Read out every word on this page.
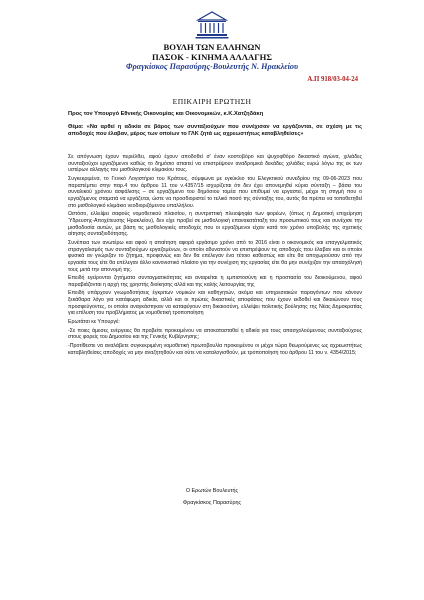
ΒΟΥΛΗ ΤΩΝ ΕΛΛΗΝΩΝ
ΠΑΣΟΚ - ΚΙΝΗΜΑ ΑΛΛΑΓΗΣ
Φραγκίσκος Παρασύρης-Βουλευτής Ν. Ηρακλείου
Α.Π 918/03-04-24
ΕΠΙΚΑΙΡΗ ΕΡΩΤΗΣΗ
Προς τον Υπουργό Εθνικής Οικονομίας και Οικονομικών, κ.Κ.Χατζηδάκη
Θέμα: «Να αρθεί η αδικία σε βάρος των συνταξιούχων που συνέχισαν να εργάζονται, σε σχέση με τις αποδοχές που έλαβαν, μέρος των οποίων το ΓΛΚ ζητά ως αχρεωστήτως καταβληθείσες»

Σε απόγνωση έχουν περιέλθει, αφού έχουν αποδοθεί σ' έναν κοστοβόρο και ψυχοφθόρο δικαστικό αγώνα, χιλιάδες συνταξιούχοι εργαζόμενοι καθώς το δημόσιο απαιτεί να επιστρέψουν αναδρομικά δεκάδες χιλιάδες ευρώ λόγω της εκ των υστέρων αλλαγής του μισθολογικού κλιμακίου τους.

Συγκεκριμένα, το Γενικό Λογιστήριο του Κράτους, σύμφωνα με εγκύκλιο του Ελεγκτικού συνεδρίου της 09-06-2023 που παραπέμπει στην παρ.4 του άρθρου 11 του ν.4357/15 ισχυρίζεται ότι δεν έχει απονεμηθεί κύρια σύνταξη – βάσει του συναλικού χρόνου ασφάλισης – σε εργαζόμενο του δημόσιου τομέα που επιθυμεί να εργαστεί, μέχρι τη στιγμή που ο εργαζόμενος σταματά να εργάζεται, ώστε να προσδιοριστεί το τελικό ποσό της σύνταξης του, αυτός θα πρέπει να τοποθετηθεί στο μισθολογικό κλιμάκιο νεοδιοριζόμενου υπαλλήλου.

Ωστόσο, ελλείψει σαφούς νομοθετικού πλαισίου, η συντριπτική πλειοψηφία των φορέων, (όπως η Δημοτική επιχείρηση Ύδρευσης-Αποχέτευσης Ηρακλείου), δεν είχε προβεί σε μισθολογική επανακατάταξη του προσωπικού τους και συνέχισε την μισθοδοσία αυτών, με βάση τις μισθολογικές αποδοχές που οι εργαζόμενοι είχαν κατά τον χρόνο υποβολής της σχετικής αίτησης συνταξιοδότησης.

Συνέπεια των ανωτέρω και αφού η απαίτηση αφορά εργάσιμο χρόνο από το 2016 είναι ο οικονομικός και επαγγελματικός στραγγαλισμός των συνταξιούχων εργαζομένων, οι οποίοι αδυνατούν να επιστρέψουν τις αποδοχές που έλαβαν και οι οποίοι φυσικά αν γνώριζαν το ζήτημα, προφανώς και δεν θα επέλεγαν ένα τέτοιο καθεστώς και είτε θα αποχωρούσαν από την εργασία τους είτε θα επέλεγαν άλλο κανονιστικό πλαίσιο για την συνέχιση της εργασίας είτε θα μην συνέχιζαν την απασχόλησή τους μετά την απονομή της.

Επειδή εγείρονται ζητήματα συνταγματικότητας και αναιρείται η εμπιστοσύνη και η προστασία του διοικούμενου, αφού παραβιάζονται η αρχή της χρηστής διοίκησης αλλά και της καλής λειτουργίας της

Επειδή υπάρχουν γνωμοδοτήσεις έγκριτων νομικών και καθηγητών, ακόμα και υπηρεσιακών παραγόντων που κάνουν ξεκάθαρα λόγο για κατάφωρη αδικία, αλλά και οι πρώτες δικαστικές αποφάσεις που έχουν εκδοθεί και δικαιώνουν τους προσφεύγοντες, οι οποίοι αναγκάστηκαν να καταφύγουν στη δικαιοσύνη, ελλείψει πολιτικής βούλησης της Νέας Δημοκρατίας για επίλυση του προβλήματος με νομοθετική τροποποίηση

Ερωτάται κε Υπουργέ:

-Σε ποιες άμεσες ενέργειες θα προβείτε προκειμένου να αποκατασταθεί η αδικία για τους απασχολούμενους συνταξιούχους στους φορείς του Δημοσίου και της Γενικής Κυβέρνησης;

-Προτίθεστε να αναλάβετε συγκεκριμένη νομοθετική πρωτοβουλία προκειμένου οι μέχρι τώρα θεωρούμενες ως αχρεωστήτως καταβληθείσες αποδοχές να μην αναζητηθούν και ούτε να καταλογισθούν, με τροποποίηση του άρθρου 11 του ν. 4354/2015;

Ο Ερωτών Βουλευτής
Φραγκίσκος Παρασύρης
